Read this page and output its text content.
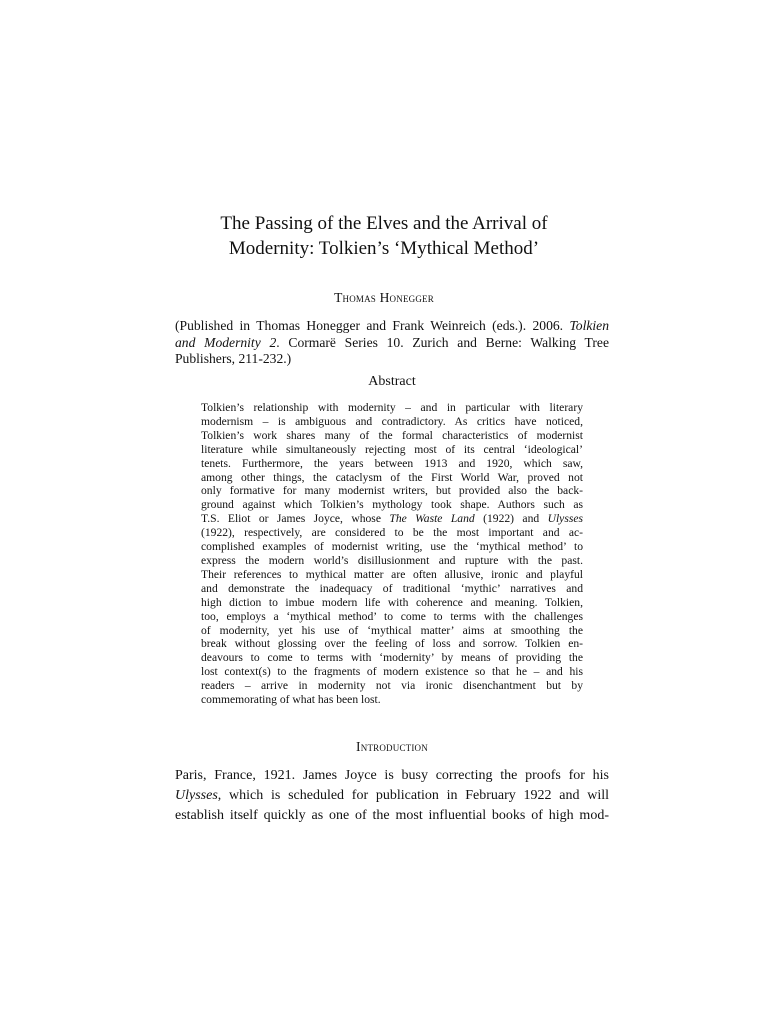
The Passing of the Elves and the Arrival of
Modernity: Tolkien’s ‘Mythical Method’
Thomas Honegger
(Published in Thomas Honegger and Frank Weinreich (eds.). 2006. Tolkien
and Modernity 2. Cormarë Series 10. Zurich and Berne: Walking Tree
Publishers, 211-232.)
Abstract
Tolkien’s relationship with modernity – and in particular with literary
modernism – is ambiguous and contradictory. As critics have noticed,
Tolkien’s work shares many of the formal characteristics of modernist
literature while simultaneously rejecting most of its central ‘ideological’
tenets. Furthermore, the years between 1913 and 1920, which saw,
among other things, the cataclysm of the First World War, proved not
only formative for many modernist writers, but provided also the back-
ground against which Tolkien’s mythology took shape. Authors such as
T.S. Eliot or James Joyce, whose The Waste Land (1922) and Ulysses
(1922), respectively, are considered to be the most important and ac-
complished examples of modernist writing, use the ‘mythical method’ to
express the modern world’s disillusionment and rupture with the past.
Their references to mythical matter are often allusive, ironic and playful
and demonstrate the inadequacy of traditional ‘mythic’ narratives and
high diction to imbue modern life with coherence and meaning. Tolkien,
too, employs a ‘mythical method’ to come to terms with the challenges
of modernity, yet his use of ‘mythical matter’ aims at smoothing the
break without glossing over the feeling of loss and sorrow. Tolkien en-
deavours to come to terms with ‘modernity’ by means of providing the
lost context(s) to the fragments of modern existence so that he – and his
readers – arrive in modernity not via ironic disenchantment but by
commemorating of what has been lost.
Introduction
Paris, France, 1921. James Joyce is busy correcting the proofs for his
Ulysses, which is scheduled for publication in February 1922 and will
establish itself quickly as one of the most influential books of high mod-
